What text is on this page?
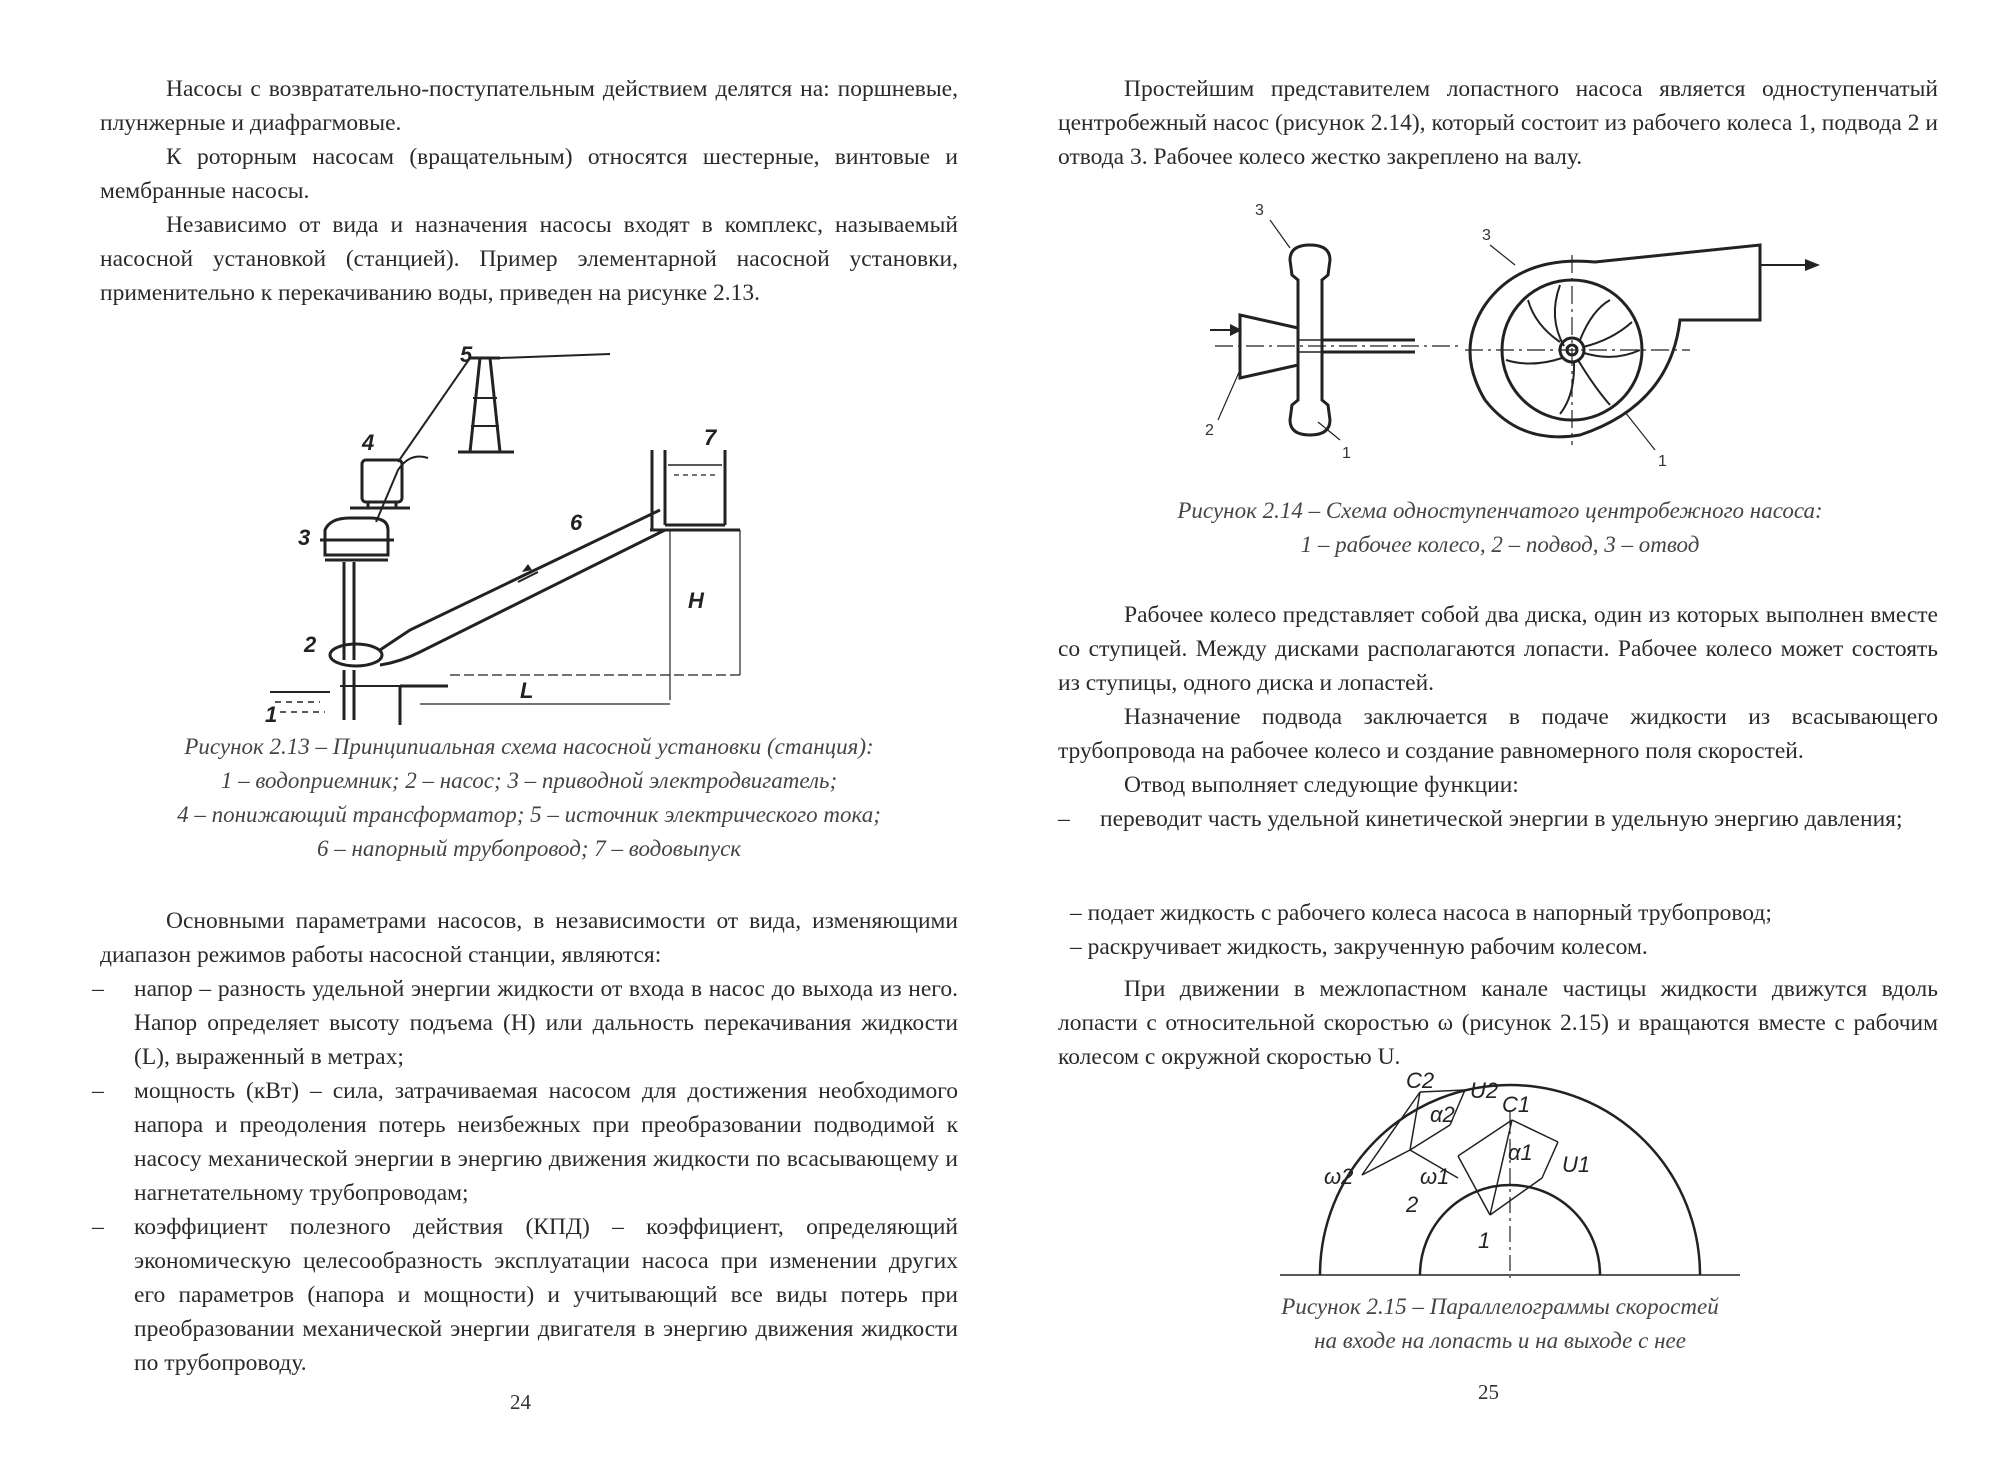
Насосы с возвратательно-поступательным действием делятся на: поршневые, плунжерные и диафрагмовые.

К роторным насосам (вращательным) относятся шестерные, винтовые и мембранные насосы.

Независимо от вида и назначения насосы входят в комплекс, называемый насосной установкой (станцией). Пример элементарной насосной установки, применительно к перекачиванию воды, приведен на рисунке 2.13.

1
2
3
4
5
6
7
H
L
Рисунок 2.13 – Принципиальная схема насосной установки (станция):
1 – водоприемник; 2 – насос; 3 – приводной электродвигатель;
4 – понижающий трансформатор; 5 – источник электрического тока;
6 – напорный трубопровод; 7 – водовыпуск

Основными параметрами насосов, в независимости от вида, изменяющими диапазон режимов работы насосной станции, являются:

– напор – разность удельной энергии жидкости от входа в насос до выхода из него. Напор определяет высоту подъема (H) или дальность перекачивания жидкости (L), выраженный в метрах;
– мощность (кВт) – сила, затрачиваемая насосом для достижения необходимого напора и преодоления потерь неизбежных при преобразовании подводимой к насосу механической энергии в энергию движения жидкости по всасывающему и нагнетательному трубопроводам;
– коэффициент полезного действия (КПД) – коэффициент, определяющий экономическую целесообразность эксплуатации насоса при изменении других его параметров (напора и мощности) и учитывающий все виды потерь при преобразовании механической энергии двигателя в энергию движения жидкости по трубопроводу.
24

Простейшим представителем лопастного насоса является одноступенчатый центробежный насос (рисунок 2.14), который состоит из рабочего колеса 1, подвода 2 и отвода 3. Рабочее колесо жестко закреплено на валу.

3
2
1
3
1
Рисунок 2.14 – Схема одноступенчатого центробежного насоса:
1 – рабочее колесо, 2 – подвод, 3 – отвод

Рабочее колесо представляет собой два диска, один из которых выполнен вместе со ступицей. Между дисками располагаются лопасти. Рабочее колесо может состоять из ступицы, одного диска и лопастей.

Назначение подвода заключается в подаче жидкости из всасывающего трубопровода на рабочее колесо и создание равномерного поля скоростей.

Отвод выполняет следующие функции:

– переводит часть удельной кинетической энергии в удельную энергию давления;

– подает жидкость с рабочего колеса насоса в напорный трубопровод;

– раскручивает жидкость, закрученную рабочим колесом.

При движении в межлопастном канале частицы жидкости движутся вдоль лопасти с относительной скоростью ω (рисунок 2.15) и вращаются вместе с рабочим колесом с окружной скоростью U.

C2 U2
α2 C1
α1 U1
ω2	ω1
2
1
Рисунок 2.15 – Параллелограммы скоростей
на входе на лопасть и на выходе с нее
25
